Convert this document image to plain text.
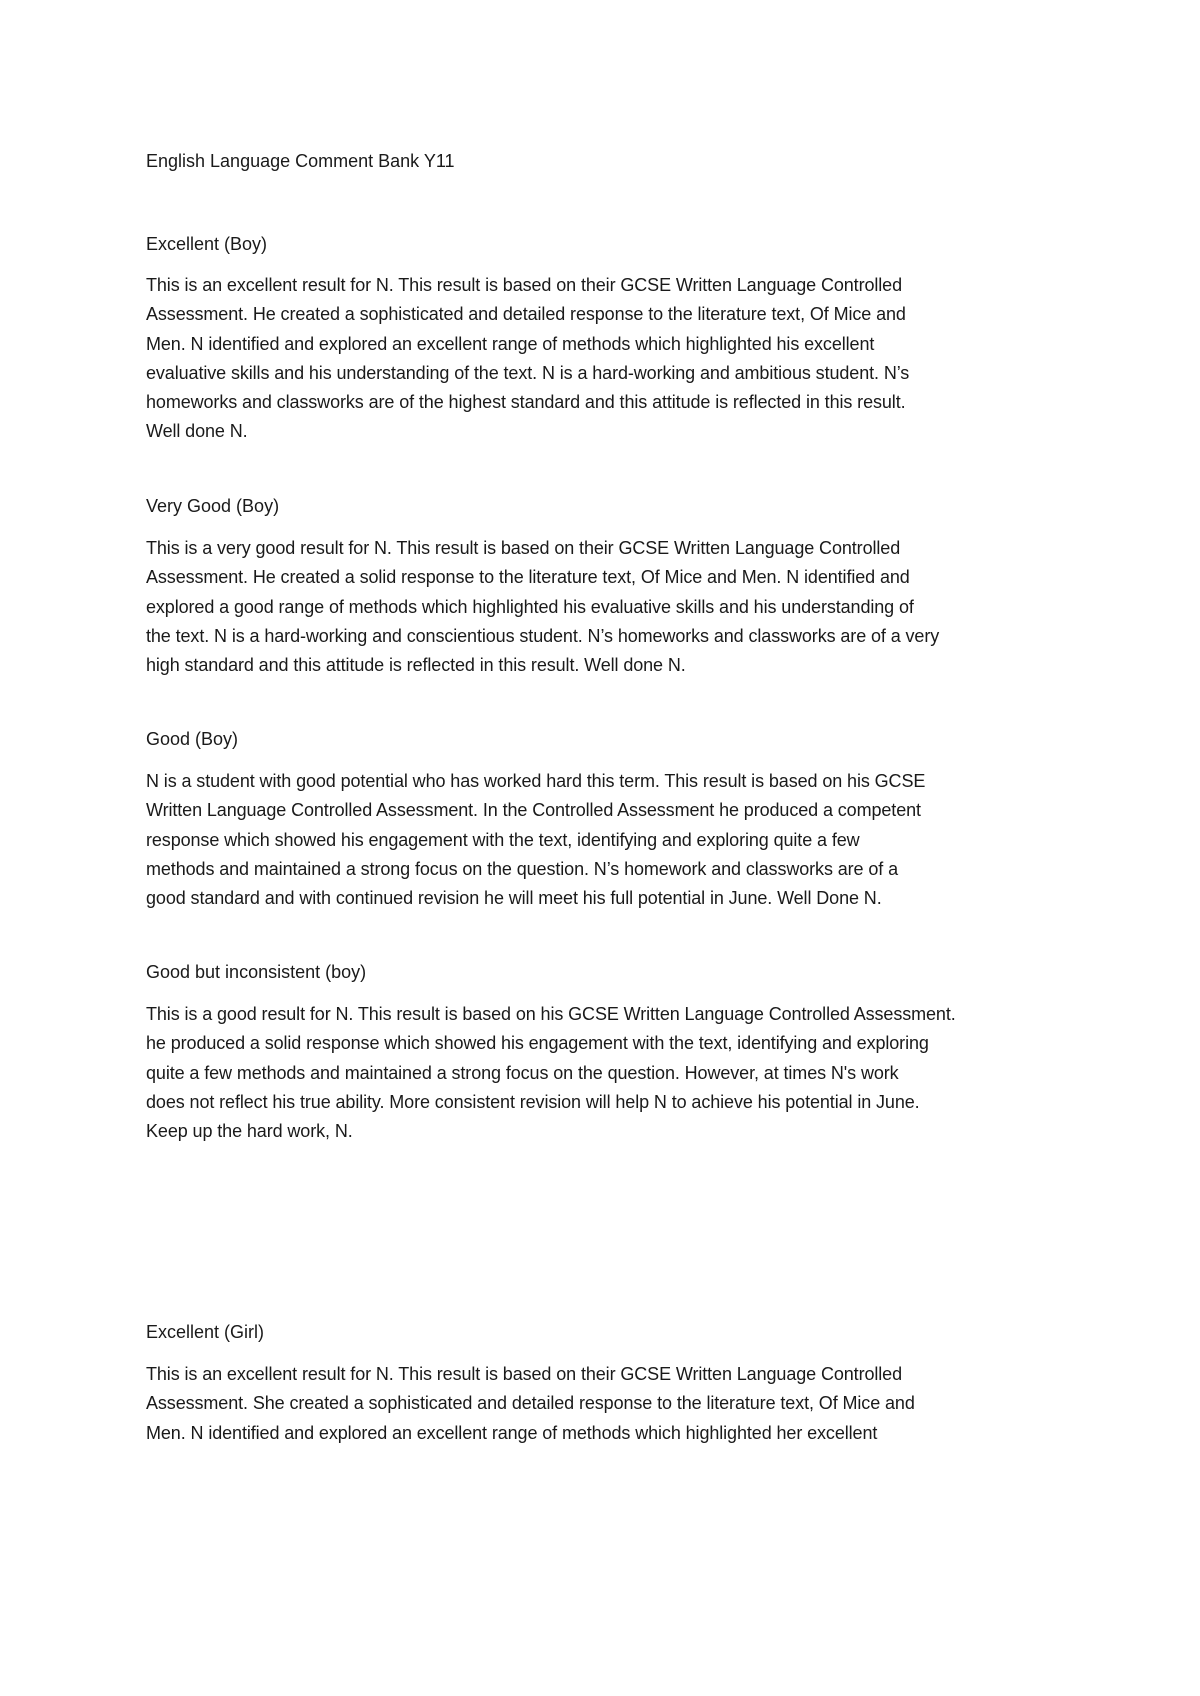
English Language Comment Bank Y11
Excellent (Boy)
This is an excellent result for N. This result is based on their GCSE Written Language Controlled
Assessment. He created a sophisticated and detailed response to the literature text, Of Mice and
Men. N identified and explored an excellent range of methods which highlighted his excellent
evaluative skills and his understanding of the text. N is a hard-working and ambitious student. N’s
homeworks and classworks are of the highest standard and this attitude is reflected in this result.
Well done N.
Very Good (Boy)
This is a very good result for N. This result is based on their GCSE Written Language Controlled
Assessment. He created a solid response to the literature text, Of Mice and Men. N identified and
explored a good range of methods which highlighted his evaluative skills and his understanding of
the text. N is a hard-working and conscientious student. N’s homeworks and classworks are of a very
high standard and this attitude is reflected in this result. Well done N.
Good (Boy)
N is a student with good potential who has worked hard this term. This result is based on his GCSE
Written Language Controlled Assessment. In the Controlled Assessment he produced a competent
response which showed his engagement with the text, identifying and exploring quite a few
methods and maintained a strong focus on the question. N’s homework and classworks are of a
good standard and with continued revision he will meet his full potential in June. Well Done N.
Good but inconsistent (boy)
This is a good result for N. This result is based on his GCSE Written Language Controlled Assessment.
he produced a solid response which showed his engagement with the text, identifying and exploring
quite a few methods and maintained a strong focus on the question. However, at times N's work
does not reflect his true ability. More consistent revision will help N to achieve his potential in June.
Keep up the hard work, N.
Excellent (Girl)
This is an excellent result for N. This result is based on their GCSE Written Language Controlled
Assessment. She created a sophisticated and detailed response to the literature text, Of Mice and
Men. N identified and explored an excellent range of methods which highlighted her excellent
